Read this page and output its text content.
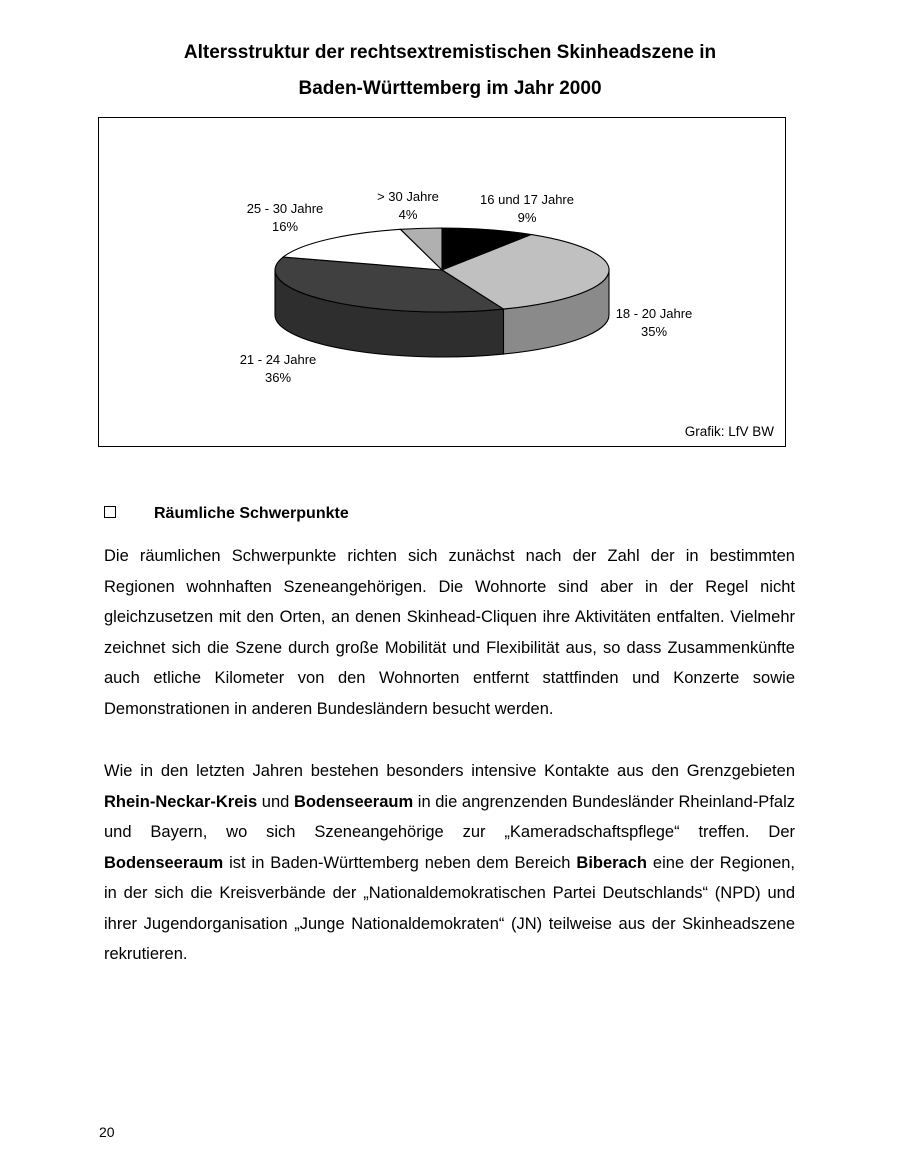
Altersstruktur der rechtsextremistischen Skinheadszene in
Baden-Württemberg im Jahr 2000
16 und 17 Jahre
9%
18 - 20 Jahre
35%
21 - 24 Jahre
36%
25 - 30 Jahre
16%
> 30 Jahre
4%
Grafik: LfV BW
Räumliche Schwerpunkte
Die räumlichen Schwerpunkte richten sich zunächst nach der Zahl der in bestimmten Regionen wohnhaften Szeneangehörigen. Die Wohnorte sind aber in der Regel nicht gleichzusetzen mit den Orten, an denen Skinhead-Cliquen ihre Aktivitäten entfalten. Vielmehr zeichnet sich die Szene durch große Mobilität und Flexibilität aus, so dass Zusammenkünfte auch etliche Kilometer von den Wohnorten entfernt stattfinden und Konzerte sowie Demonstrationen in anderen Bundesländern besucht werden.
Wie in den letzten Jahren bestehen besonders intensive Kontakte aus den Grenzgebieten Rhein-Neckar-Kreis und Bodenseeraum in die angrenzenden Bundesländer Rheinland-Pfalz und Bayern, wo sich Szeneangehörige zur „Kameradschaftspflege“ treffen. Der Bodenseeraum ist in Baden-Württemberg neben dem Bereich Biberach eine der Regionen, in der sich die Kreisverbände der „Nationaldemokratischen Partei Deutschlands“ (NPD) und ihrer Jugendorganisation „Junge Nationaldemokraten“ (JN) teilweise aus der Skinheadszene rekrutieren.
20
